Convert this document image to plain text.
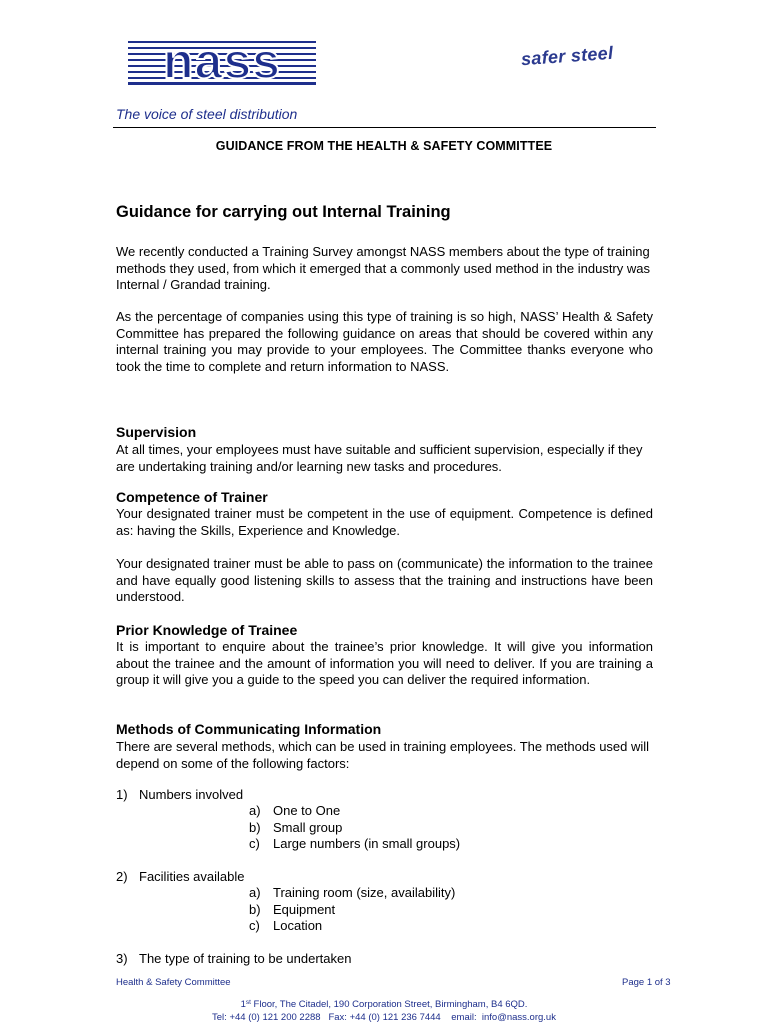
nass	safer steel
The voice of steel distribution
GUIDANCE FROM THE HEALTH & SAFETY COMMITTEE
Guidance for carrying out Internal Training
We recently conducted a Training Survey amongst NASS members about the type of training methods they used, from which it emerged that a commonly used method in the industry was Internal / Grandad training.
As the percentage of companies using this type of training is so high, NASS’ Health & Safety Committee has prepared the following guidance on areas that should be covered within any internal training you may provide to your employees. The Committee thanks everyone who took the time to complete and return information to NASS.
Supervision
At all times, your employees must have suitable and sufficient supervision, especially if they are undertaking training and/or learning new tasks and procedures.
Competence of Trainer
Your designated trainer must be competent in the use of equipment. Competence is defined as: having the Skills, Experience and Knowledge.
Your designated trainer must be able to pass on (communicate) the information to the trainee and have equally good listening skills to assess that the training and instructions have been understood.
Prior Knowledge of Trainee
It is important to enquire about the trainee’s prior knowledge. It will give you information about the trainee and the amount of information you will need to deliver. If you are training a group it will give you a guide to the speed you can deliver the required information.
Methods of Communicating Information
There are several methods, which can be used in training employees. The methods used will depend on some of the following factors:
1) Numbers involved
a) One to One
b) Small group
c) Large numbers (in small groups)
2) Facilities available
a) Training room (size, availability)
b) Equipment
c) Location
3) The type of training to be undertaken
Health & Safety Committee	Page 1 of 3
1st Floor, The Citadel, 190 Corporation Street, Birmingham, B4 6QD.
Tel: +44 (0) 121 200 2288   Fax: +44 (0) 121 236 7444    email:  info@nass.org.uk
